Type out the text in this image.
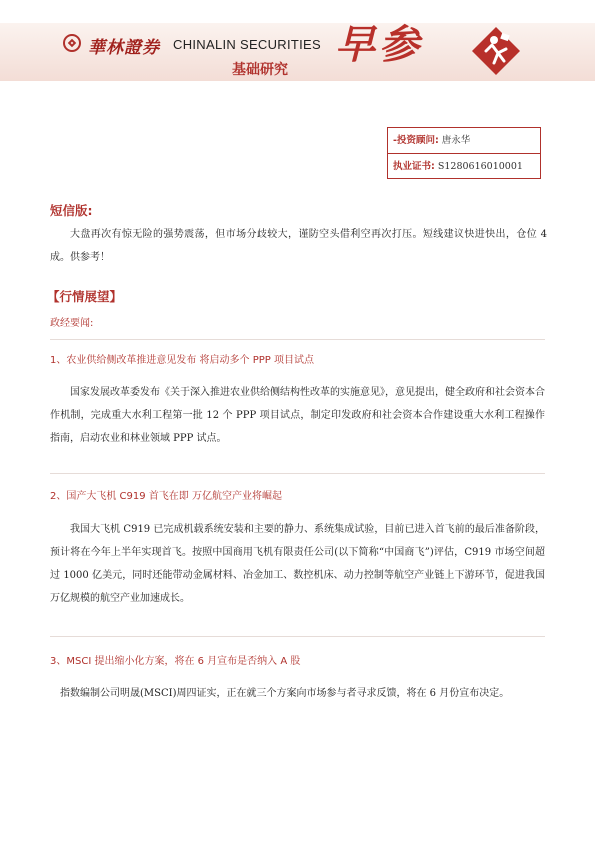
華林證券 CHINALIN SECURITIES
基础研究
早参
-投资顾问: 唐永华
执业证书: S1280616010001
短信版:
大盘再次有惊无险的强势震荡，但市场分歧较大，谨防空头借利空再次打压。短线建议快进快出，仓位 4 成。供参考！
【行情展望】
政经要闻:
1、农业供给侧改革推进意见发布 将启动多个 PPP 项目试点
国家发展改革委发布《关于深入推进农业供给侧结构性改革的实施意见》，意见提出，健全政府和社会资本合作机制，完成重大水利工程第一批 12 个 PPP 项目试点，制定印发政府和社会资本合作建设重大水利工程操作指南，启动农业和林业领域 PPP 试点。
2、国产大飞机 C919 首飞在即 万亿航空产业将崛起
我国大飞机 C919 已完成机载系统安装和主要的静力、系统集成试验，目前已进入首飞前的最后准备阶段，预计将在今年上半年实现首飞。按照中国商用飞机有限责任公司(以下简称“中国商飞”)评估，C919 市场空间超过 1000 亿美元，同时还能带动金属材料、冶金加工、数控机床、动力控制等航空产业链上下游环节，促进我国万亿规模的航空产业加速成长。
3、MSCI 提出缩小化方案，将在 6 月宣布是否纳入 A 股
指数编制公司明晟(MSCI)周四证实，正在就三个方案向市场参与者寻求反馈，将在 6 月份宣布决定。
